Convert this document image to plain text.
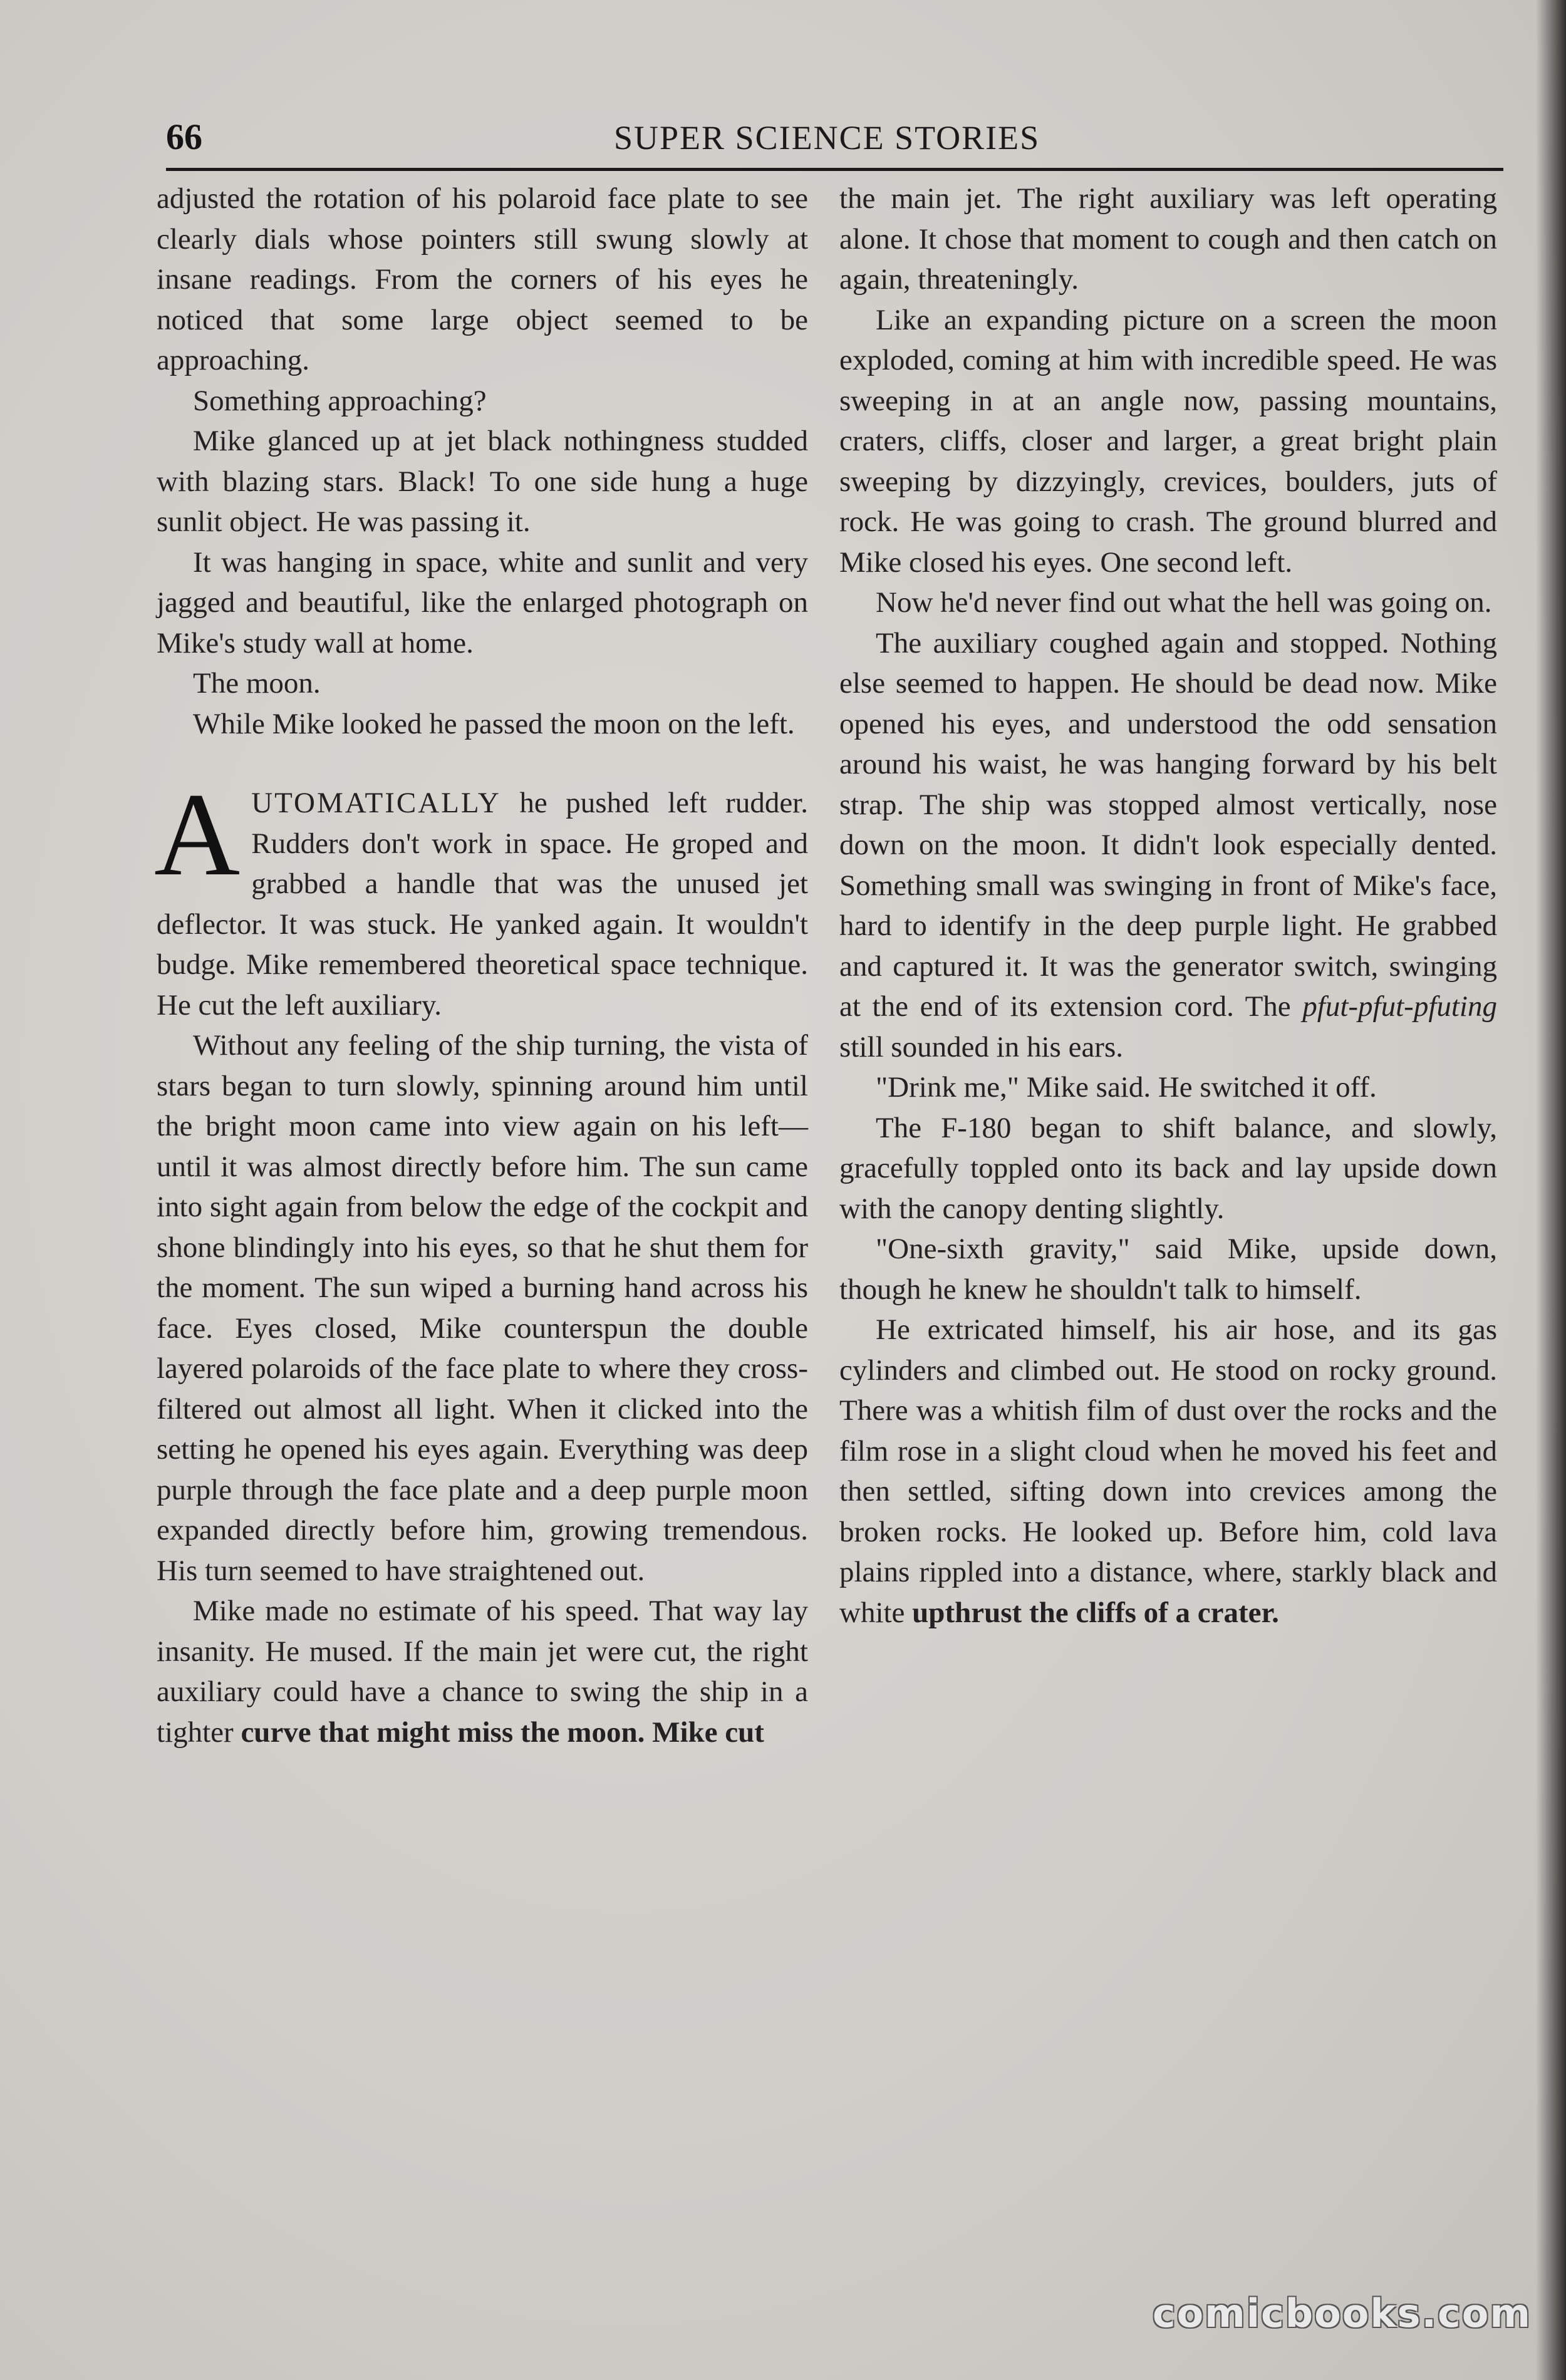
66	SUPER SCIENCE STORIES

adjusted the rotation of his polaroid face plate to see clearly dials whose pointers still swung slowly at insane readings. From the corners of his eyes he noticed that some large object seemed to be approaching.

Something approaching?

Mike glanced up at jet black nothingness studded with blazing stars. Black! To one side hung a huge sunlit object. He was passing it.

It was hanging in space, white and sunlit and very jagged and beautiful, like the enlarged photograph on Mike's study wall at home.

The moon.

While Mike looked he passed the moon on the left.

AUTOMATICALLY he pushed left rudder. Rudders don't work in space. He groped and grabbed a handle that was the unused jet deflector. It was stuck. He yanked again. It wouldn't budge. Mike remembered theoretical space technique. He cut the left auxiliary.

Without any feeling of the ship turning, the vista of stars began to turn slowly, spinning around him until the bright moon came into view again on his left—until it was almost directly before him. The sun came into sight again from below the edge of the cockpit and shone blindingly into his eyes, so that he shut them for the moment. The sun wiped a burning hand across his face. Eyes closed, Mike counterspun the double layered polaroids of the face plate to where they cross-filtered out almost all light. When it clicked into the setting he opened his eyes again. Everything was deep purple through the face plate and a deep purple moon expanded directly before him, growing tremendous. His turn seemed to have straightened out.

Mike made no estimate of his speed. That way lay insanity. He mused. If the main jet were cut, the right auxiliary could have a chance to swing the ship in a tighter curve that might miss the moon. Mike cut

the main jet. The right auxiliary was left operating alone. It chose that moment to cough and then catch on again, threateningly.

Like an expanding picture on a screen the moon exploded, coming at him with incredible speed. He was sweeping in at an angle now, passing mountains, craters, cliffs, closer and larger, a great bright plain sweeping by dizzyingly, crevices, boulders, juts of rock. He was going to crash. The ground blurred and Mike closed his eyes. One second left.

Now he'd never find out what the hell was going on.

The auxiliary coughed again and stopped. Nothing else seemed to happen. He should be dead now. Mike opened his eyes, and understood the odd sensation around his waist, he was hanging forward by his belt strap. The ship was stopped almost vertically, nose down on the moon. It didn't look especially dented. Something small was swinging in front of Mike's face, hard to identify in the deep purple light. He grabbed and captured it. It was the generator switch, swinging at the end of its extension cord. The pfut-pfut-pfuting still sounded in his ears.

"Drink me," Mike said. He switched it off.

The F-180 began to shift balance, and slowly, gracefully toppled onto its back and lay upside down with the canopy denting slightly.

"One-sixth gravity," said Mike, upside down, though he knew he shouldn't talk to himself.

He extricated himself, his air hose, and its gas cylinders and climbed out. He stood on rocky ground. There was a whitish film of dust over the rocks and the film rose in a slight cloud when he moved his feet and then settled, sifting down into crevices among the broken rocks. He looked up. Before him, cold lava plains rippled into a distance, where, starkly black and white upthrust the cliffs of a crater.

comicbooks.com
